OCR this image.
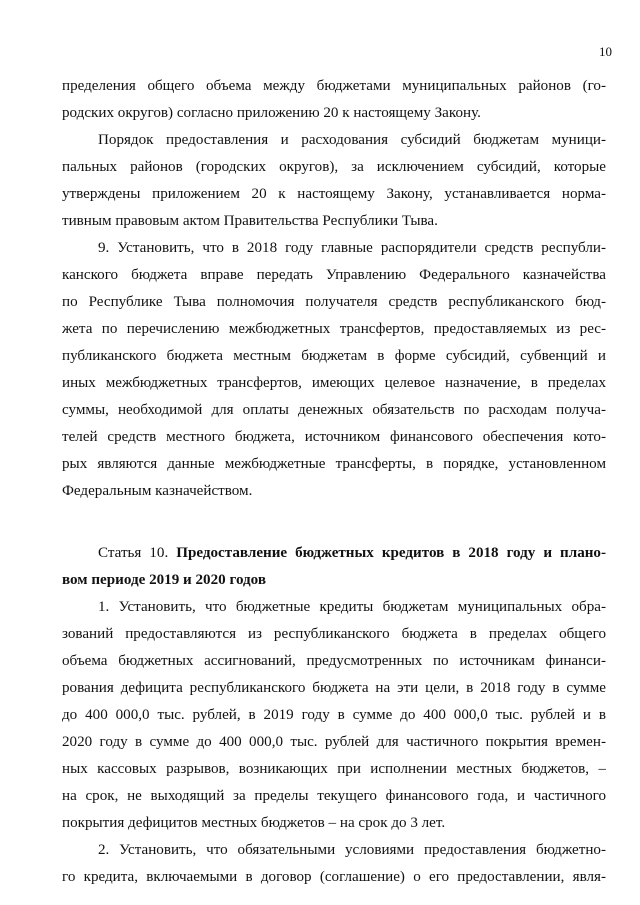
10
пределения общего объема между бюджетами муниципальных районов (го-
родских округов) согласно приложению 20 к настоящему Закону.
Порядок предоставления и расходования субсидий бюджетам муници-
пальных районов (городских округов), за исключением субсидий, которые
утверждены приложением 20 к настоящему Закону, устанавливается норма-
тивным правовым актом Правительства Республики Тыва.
9. Установить, что в 2018 году главные распорядители средств республи-
канского бюджета вправе передать Управлению Федерального казначейства
по Республике Тыва полномочия получателя средств республиканского бюд-
жета по перечислению межбюджетных трансфертов, предоставляемых из рес-
публиканского бюджета местным бюджетам в форме субсидий, субвенций и
иных межбюджетных трансфертов, имеющих целевое назначение, в пределах
суммы, необходимой для оплаты денежных обязательств по расходам получа-
телей средств местного бюджета, источником финансового обеспечения кото-
рых являются данные межбюджетные трансферты, в порядке, установленном
Федеральным казначейством.
Статья 10. Предоставление бюджетных кредитов в 2018 году и плано-
вом периоде 2019 и 2020 годов
1. Установить, что бюджетные кредиты бюджетам муниципальных обра-
зований предоставляются из республиканского бюджета в пределах общего
объема бюджетных ассигнований, предусмотренных по источникам финанси-
рования дефицита республиканского бюджета на эти цели, в 2018 году в сумме
до 400 000,0 тыс. рублей, в 2019 году в сумме до 400 000,0 тыс. рублей и в
2020 году в сумме до 400 000,0 тыс. рублей для частичного покрытия времен-
ных кассовых разрывов, возникающих при исполнении местных бюджетов, –
на срок, не выходящий за пределы текущего финансового года, и частичного
покрытия дефицитов местных бюджетов – на срок до 3 лет.
2. Установить, что обязательными условиями предоставления бюджетно-
го кредита, включаемыми в договор (соглашение) о его предоставлении, явля-
